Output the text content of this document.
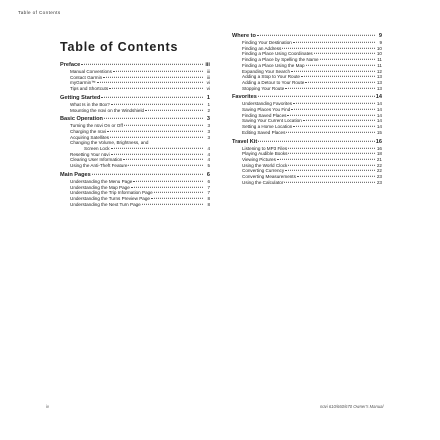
Table of Contents
Table of Contents
Preface	iii
Manual Conventions	iii
Contact Garmin	iii
myGarmin™	vi
Tips and Shortcuts	vi
Getting Started	1
What Is in the Box?	1
Mounting the nüvi on the Windshield	2
Basic Operation	3
Turning the nüvi On or Off	3
Charging the nüvi	3
Acquiring Satellites	3
Changing the Volume, Brightness, and
Screen Lock	4
Resetting Your nüvi	4
Clearing User Information	4
Using the Anti-Theft Feature	5
Main Pages	6
Understanding the Menu Page	6
Understanding the Map Page	7
Understanding the Trip Information Page	7
Understanding the Turns Preview Page	8
Understanding the Next Turn Page	8
Where to	9
Finding Your Destination	9
Finding an Address	10
Finding a Place Using Coordinates	10
Finding a Place by Spelling the Name	11
Finding a Place Using the Map	11
Expanding Your Search	12
Adding a Stop to Your Route	13
Adding a Detour to Your Route	13
Stopping Your Route	13
Favorites	14
Understanding Favorites	14
Saving Places You Find	14
Finding Saved Places	14
Saving Your Current Location	14
Setting a Home Location	14
Editing Saved Places	15
Travel Kit	16
Listening to MP3 Files	16
Playing Audible Books	18
Viewing Pictures	21
Using the World Clock	22
Converting Currency	22
Converting Measurements	23
Using the Calculator	23
iv	nüvi 610/660/670 Owner's Manual
